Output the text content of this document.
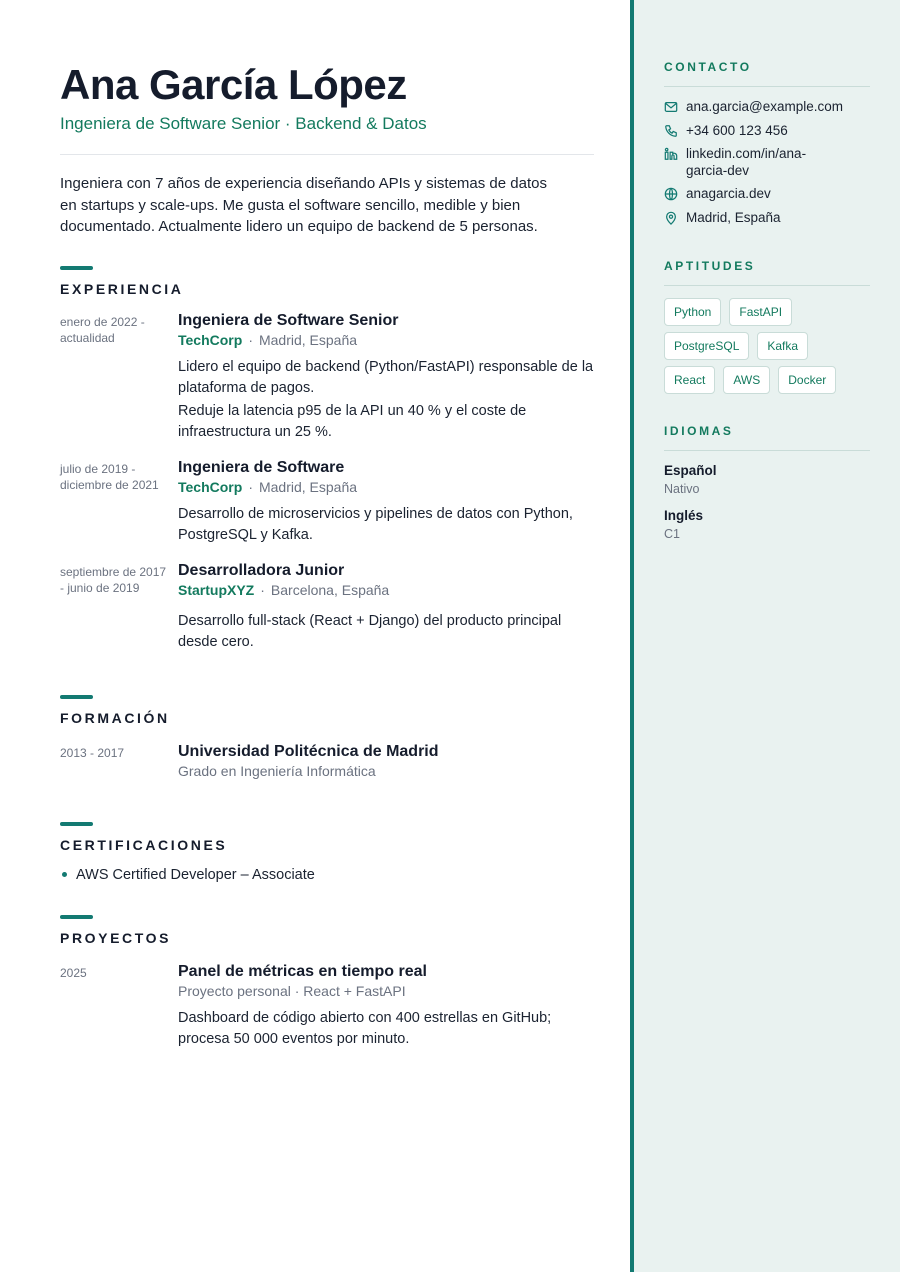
Ana García López
Ingeniera de Software Senior · Backend & Datos

Ingeniera con 7 años de experiencia diseñando APIs y sistemas de datos en startups y scale-ups. Me gusta el software sencillo, medible y bien documentado. Actualmente lidero un equipo de backend de 5 personas.

EXPERIENCIA
enero de 2022 - actualidad
Ingeniera de Software Senior
TechCorp · Madrid, España
Lidero el equipo de backend (Python/FastAPI) responsable de la plataforma de pagos.
Reduje la latencia p95 de la API un 40 % y el coste de infraestructura un 25 %.
julio de 2019 - diciembre de 2021
Ingeniera de Software
TechCorp · Madrid, España
Desarrollo de microservicios y pipelines de datos con Python, PostgreSQL y Kafka.
septiembre de 2017 - junio de 2019
Desarrolladora Junior
StartupXYZ · Barcelona, España
Desarrollo full-stack (React + Django) del producto principal desde cero.
FORMACIÓN
2013 - 2017	Universidad Politécnica de Madrid
Grado en Ingeniería Informática
CERTIFICACIONES
AWS Certified Developer – Associate
PROYECTOS
2025	Panel de métricas en tiempo real
Proyecto personal · React + FastAPI
Dashboard de código abierto con 400 estrellas en GitHub; procesa 50 000 eventos por minuto.
CONTACTO
ana.garcia@example.com
+34 600 123 456
linkedin.com/in/ana-garcia-dev
anagarcia.dev
Madrid, España
APTITUDES
Python	FastAPI
PostgreSQL	Kafka
React	AWS	Docker
IDIOMAS
Español
Nativo
Inglés
C1
